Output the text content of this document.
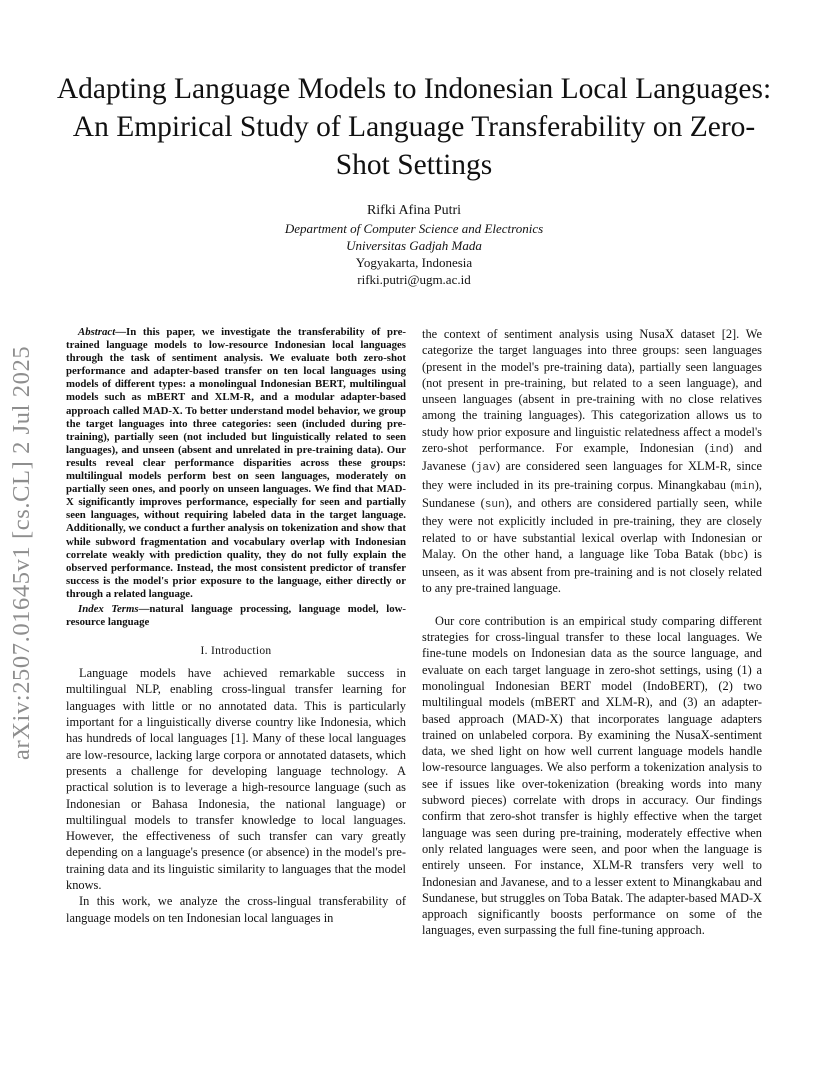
arXiv:2507.01645v1 [cs.CL] 2 Jul 2025
Adapting Language Models to Indonesian Local Languages: An Empirical Study of Language Transferability on Zero-Shot Settings
Rifki Afina Putri
Department of Computer Science and Electronics
Universitas Gadjah Mada
Yogyakarta, Indonesia
rifki.putri@ugm.ac.id

Abstract—In this paper, we investigate the transferability of pre-trained language models to low-resource Indonesian local languages through the task of sentiment analysis. We evaluate both zero-shot performance and adapter-based transfer on ten local languages using models of different types: a monolingual Indonesian BERT, multilingual models such as mBERT and XLM-R, and a modular adapter-based approach called MAD-X. To better understand model behavior, we group the target languages into three categories: seen (included during pre-training), partially seen (not included but linguistically related to seen languages), and unseen (absent and unrelated in pre-training data). Our results reveal clear performance disparities across these groups: multilingual models perform best on seen languages, moderately on partially seen ones, and poorly on unseen languages. We find that MAD-X significantly improves performance, especially for seen and partially seen languages, without requiring labeled data in the target language. Additionally, we conduct a further analysis on tokenization and show that while subword fragmentation and vocabulary overlap with Indonesian correlate weakly with prediction quality, they do not fully explain the observed performance. Instead, the most consistent predictor of transfer success is the model's prior exposure to the language, either directly or through a related language.

Index Terms—natural language processing, language model, low-resource language

I. Introduction

Language models have achieved remarkable success in multilingual NLP, enabling cross-lingual transfer learning for languages with little or no annotated data. This is particularly important for a linguistically diverse country like Indonesia, which has hundreds of local languages [1]. Many of these local languages are low-resource, lacking large corpora or annotated datasets, which presents a challenge for developing language technology. A practical solution is to leverage a high-resource language (such as Indonesian or Bahasa Indonesia, the national language) or multilingual models to transfer knowledge to local languages. However, the effectiveness of such transfer can vary greatly depending on a language's presence (or absence) in the model's pre-training data and its linguistic similarity to languages that the model knows.

In this work, we analyze the cross-lingual transferability of language models on ten Indonesian local languages in

the context of sentiment analysis using NusaX dataset [2]. We categorize the target languages into three groups: seen languages (present in the model's pre-training data), partially seen languages (not present in pre-training, but related to a seen language), and unseen languages (absent in pre-training with no close relatives among the training languages). This categorization allows us to study how prior exposure and linguistic relatedness affect a model's zero-shot performance. For example, Indonesian (ind) and Javanese (jav) are considered seen languages for XLM-R, since they were included in its pre-training corpus. Minangkabau (min), Sundanese (sun), and others are considered partially seen, while they were not explicitly included in pre-training, they are closely related to or have substantial lexical overlap with Indonesian or Malay. On the other hand, a language like Toba Batak (bbc) is unseen, as it was absent from pre-training and is not closely related to any pre-trained language.

Our core contribution is an empirical study comparing different strategies for cross-lingual transfer to these local languages. We fine-tune models on Indonesian data as the source language, and evaluate on each target language in zero-shot settings, using (1) a monolingual Indonesian BERT model (IndoBERT), (2) two multilingual models (mBERT and XLM-R), and (3) an adapter-based approach (MAD-X) that incorporates language adapters trained on unlabeled corpora. By examining the NusaX-sentiment data, we shed light on how well current language models handle low-resource languages. We also perform a tokenization analysis to see if issues like over-tokenization (breaking words into many subword pieces) correlate with drops in accuracy. Our findings confirm that zero-shot transfer is highly effective when the target language was seen during pre-training, moderately effective when only related languages were seen, and poor when the language is entirely unseen. For instance, XLM-R transfers very well to Indonesian and Javanese, and to a lesser extent to Minangkabau and Sundanese, but struggles on Toba Batak. The adapter-based MAD-X approach significantly boosts performance on some of the languages, even surpassing the full fine-tuning approach.
